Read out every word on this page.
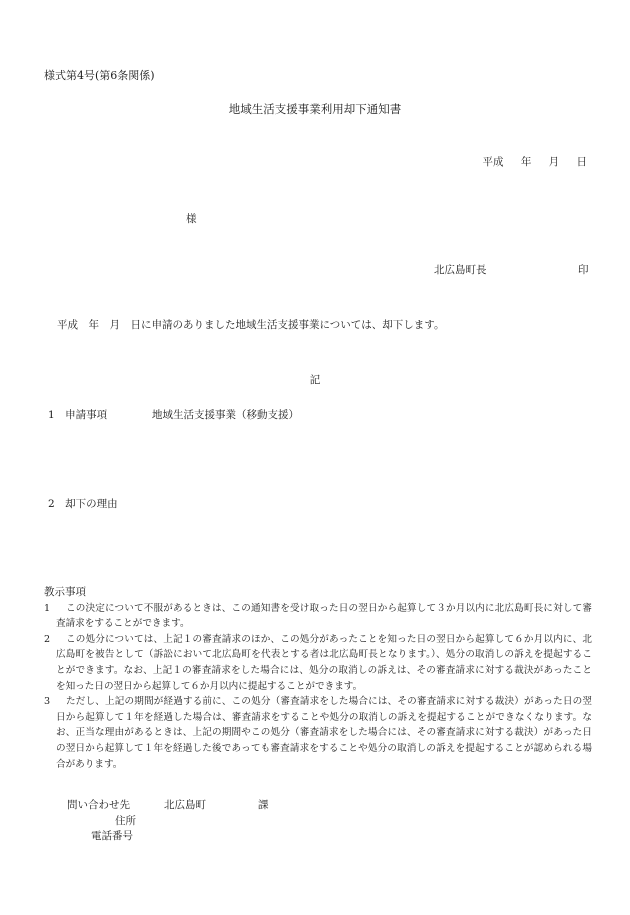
様式第4号(第6条関係)
地域生活支援事業利用却下通知書
平成 年 月 日
様
北広島町長	印
平成　年　月　日に申請のありました地域生活支援事業については、却下します。
記
1　申請事項	地域生活支援事業（移動支援）
2　却下の理由
教示事項
1 この決定について不服があるときは、この通知書を受け取った日の翌日から起算して３か月以内に北広島町長に対して審査請求をすることができます。
2 この処分については、上記１の審査請求のほか、この処分があったことを知った日の翌日から起算して６か月以内に、北広島町を被告として（訴訟において北広島町を代表とする者は北広島町長となります。）、処分の取消しの訴えを提起することができます。なお、上記１の審査請求をした場合には、処分の取消しの訴えは、その審査請求に対する裁決があったことを知った日の翌日から起算して６か月以内に提起することができます。
3 ただし、上記の期間が経過する前に、この処分（審査請求をした場合には、その審査請求に対する裁決）があった日の翌日から起算して１年を経過した場合は、審査請求をすることや処分の取消しの訴えを提起することができなくなります。なお、正当な理由があるときは、上記の期間やこの処分（審査請求をした場合には、その審査請求に対する裁決）があった日の翌日から起算して１年を経過した後であっても審査請求をすることや処分の取消しの訴えを提起することが認められる場合があります。
問い合わせ先	北広島町	課
住所
電話番号
